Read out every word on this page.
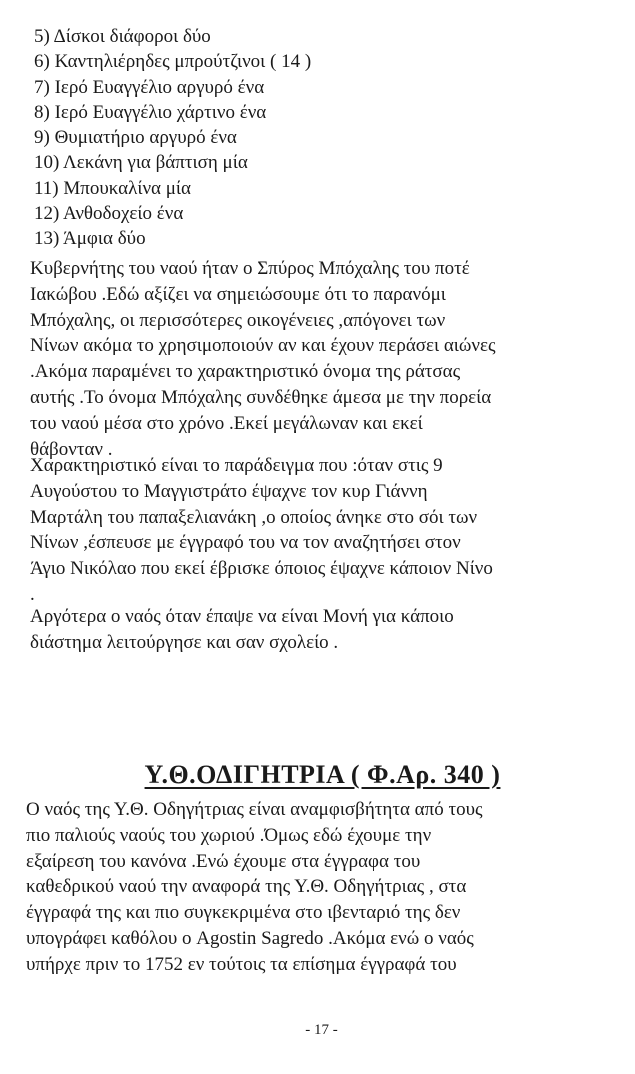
5) Δίσκοι διάφοροι δύο
6) Καντηλιέρηδες μπρούτζινοι ( 14 )
7) Ιερό Ευαγγέλιο αργυρό ένα
8) Ιερό Ευαγγέλιο χάρτινο ένα
9) Θυμιατήριο αργυρό ένα
10) Λεκάνη για βάπτιση μία
11) Μπουκαλίνα μία
12) Ανθοδοχείο ένα
13) Άμφια δύο
Κυβερνήτης του ναού ήταν ο Σπύρος Μπόχαλης του ποτέ
Ιακώβου .Εδώ αξίζει να σημειώσουμε ότι το παρανόμι
Μπόχαλης, οι περισσότερες οικογένειες ,απόγονει των
Νίνων ακόμα το χρησιμοποιούν αν και έχουν περάσει αιώνες
.Ακόμα παραμένει το χαρακτηριστικό όνομα της ράτσας
αυτής .Το όνομα Μπόχαλης συνδέθηκε άμεσα με την πορεία
του ναού μέσα στο χρόνο .Εκεί μεγάλωναν και εκεί
θάβονταν .
Χαρακτηριστικό είναι το παράδειγμα που :όταν στις 9
Αυγούστου το Μαγγιστράτο έψαχνε τον κυρ Γιάννη
Μαρτάλη του παπαξελιανάκη ,ο οποίος άνηκε στο σόι των
Νίνων ,έσπευσε με έγγραφό του να τον αναζητήσει στον
Άγιο Νικόλαο που εκεί έβρισκε όποιος έψαχνε κάποιον Νίνο
.
Αργότερα ο ναός όταν έπαψε να είναι Μονή για κάποιο
διάστημα λειτούργησε και σαν σχολείο .
Υ.Θ.ΟΔΙΓΗΤΡΙΑ ( Φ.Αρ. 340 )
Ο ναός της Υ.Θ. Οδηγήτριας είναι αναμφισβήτητα από τους
πιο παλιούς ναούς του χωριού .Όμως εδώ έχουμε την
εξαίρεση του κανόνα .Ενώ έχουμε στα έγγραφα του
καθεδρικού ναού την αναφορά της Υ.Θ. Οδηγήτριας , στα
έγγραφά της και πιο συγκεκριμένα στο ιβενταριό της δεν
υπογράφει καθόλου ο Agostin Sagredo .Ακόμα ενώ ο ναός
υπήρχε πριν το 1752 εν τούτοις τα επίσημα έγγραφά του
- 17 -
